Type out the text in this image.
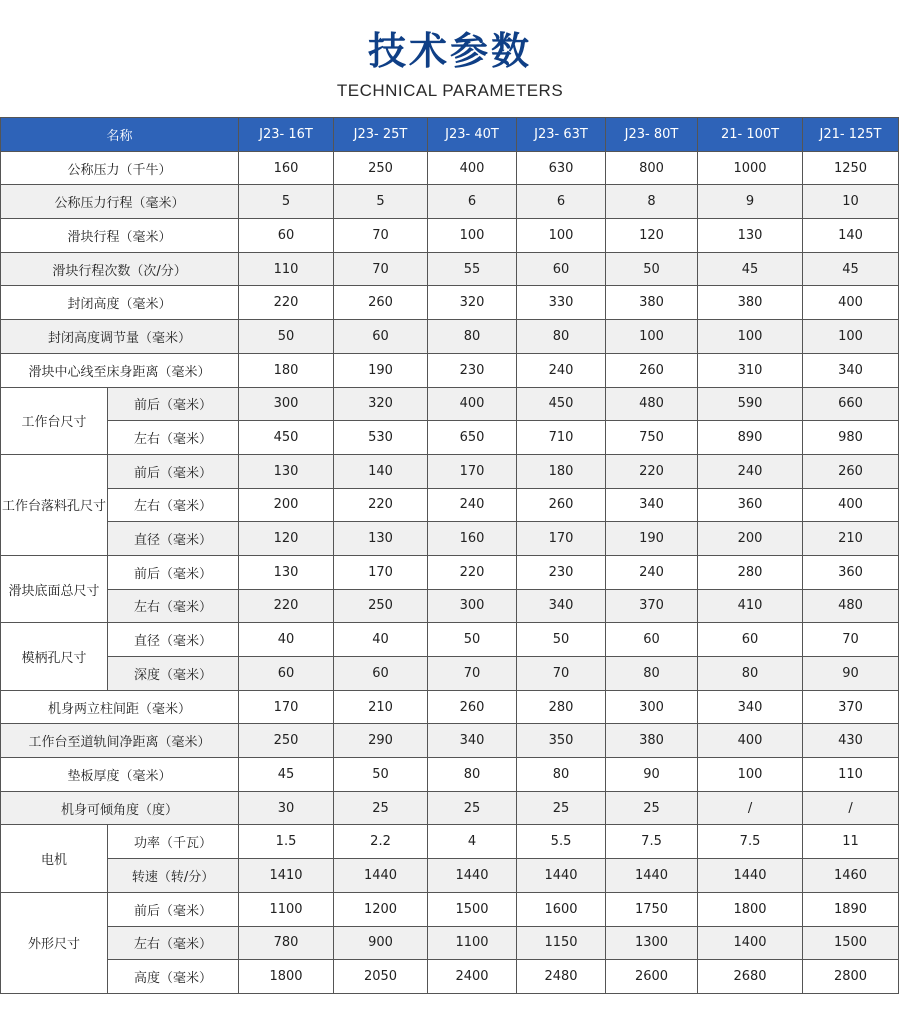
技术参数
TECHNICAL PARAMETERS
名称		J23- 16T	J23- 25T	J23- 40T	J23- 63T	J23- 80T	21- 100T	J21- 125T
公称压力（千牛）		160	250	400	630	800	1000	1250
公称压力行程（毫米）		5	5	6	6	8	9	10
滑块行程（毫米）		60	70	100	100	120	130	140
滑块行程次数（次/分）		110	70	55	60	50	45	45
封闭高度（毫米）		220	260	320	330	380	380	400
封闭高度调节量（毫米）		50	60	80	80	100	100	100
滑块中心线至床身距离（毫米）		180	190	230	240	260	310	340
工作台尺寸	前后（毫米）	300	320	400	450	480	590	660
	左右（毫米）	450	530	650	710	750	890	980
工作台落料孔尺寸	前后（毫米）	130	140	170	180	220	240	260
	左右（毫米）	200	220	240	260	340	360	400
	直径（毫米）	120	130	160	170	190	200	210
滑块底面总尺寸	前后（毫米）	130	170	220	230	240	280	360
	左右（毫米）	220	250	300	340	370	410	480
模柄孔尺寸	直径（毫米）	40	40	50	50	60	60	70
	深度（毫米）	60	60	70	70	80	80	90
机身两立柱间距（毫米）		170	210	260	280	300	340	370
工作台至道轨间净距离（毫米）		250	290	340	350	380	400	430
垫板厚度（毫米）		45	50	80	80	90	100	110
机身可倾角度（度）		30	25	25	25	25	/	/
电机	功率（千瓦）	1.5	2.2	4	5.5	7.5	7.5	11
	转速（转/分）	1410	1440	1440	1440	1440	1440	1460
外形尺寸	前后（毫米）	1100	1200	1500	1600	1750	1800	1890
	左右（毫米）	780	900	1100	1150	1300	1400	1500
	高度（毫米）	1800	2050	2400	2480	2600	2680	2800
